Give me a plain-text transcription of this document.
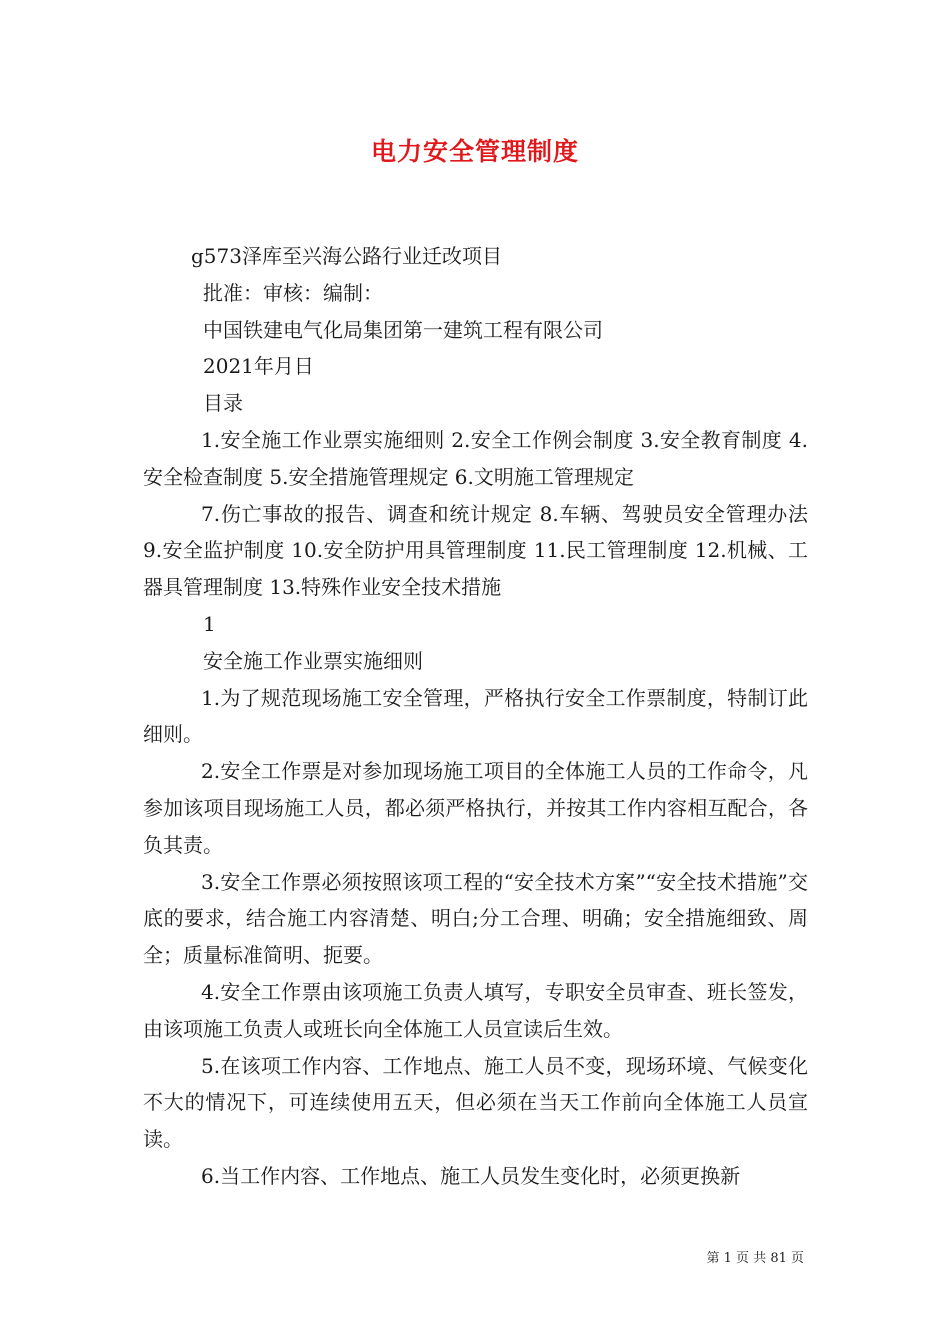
电力安全管理制度

g573泽库至兴海公路行业迁改项目

批准：审核：编制：

中国铁建电气化局集团第一建筑工程有限公司

2021年月日

目录

1.安全施工作业票实施细则 2.安全工作例会制度 3.安全教育制度 4.安全检查制度 5.安全措施管理规定 6.文明施工管理规定

7.伤亡事故的报告、调查和统计规定 8.车辆、驾驶员安全管理办法 9.安全监护制度 10.安全防护用具管理制度 11.民工管理制度 12.机械、工器具管理制度 13.特殊作业安全技术措施

1

安全施工作业票实施细则

1.为了规范现场施工安全管理，严格执行安全工作票制度，特制订此细则。

2.安全工作票是对参加现场施工项目的全体施工人员的工作命令，凡参加该项目现场施工人员，都必须严格执行，并按其工作内容相互配合，各负其责。

3.安全工作票必须按照该项工程的“安全技术方案”“安全技术措施”交底的要求，结合施工内容清楚、明白;分工合理、明确；安全措施细致、周全；质量标准简明、扼要。

4.安全工作票由该项施工负责人填写，专职安全员审查、班长签发，由该项施工负责人或班长向全体施工人员宣读后生效。

5.在该项工作内容、工作地点、施工人员不变，现场环境、气候变化不大的情况下，可连续使用五天，但必须在当天工作前向全体施工人员宣读。

6.当工作内容、工作地点、施工人员发生变化时，必须更换新

第 1 页 共 81 页
